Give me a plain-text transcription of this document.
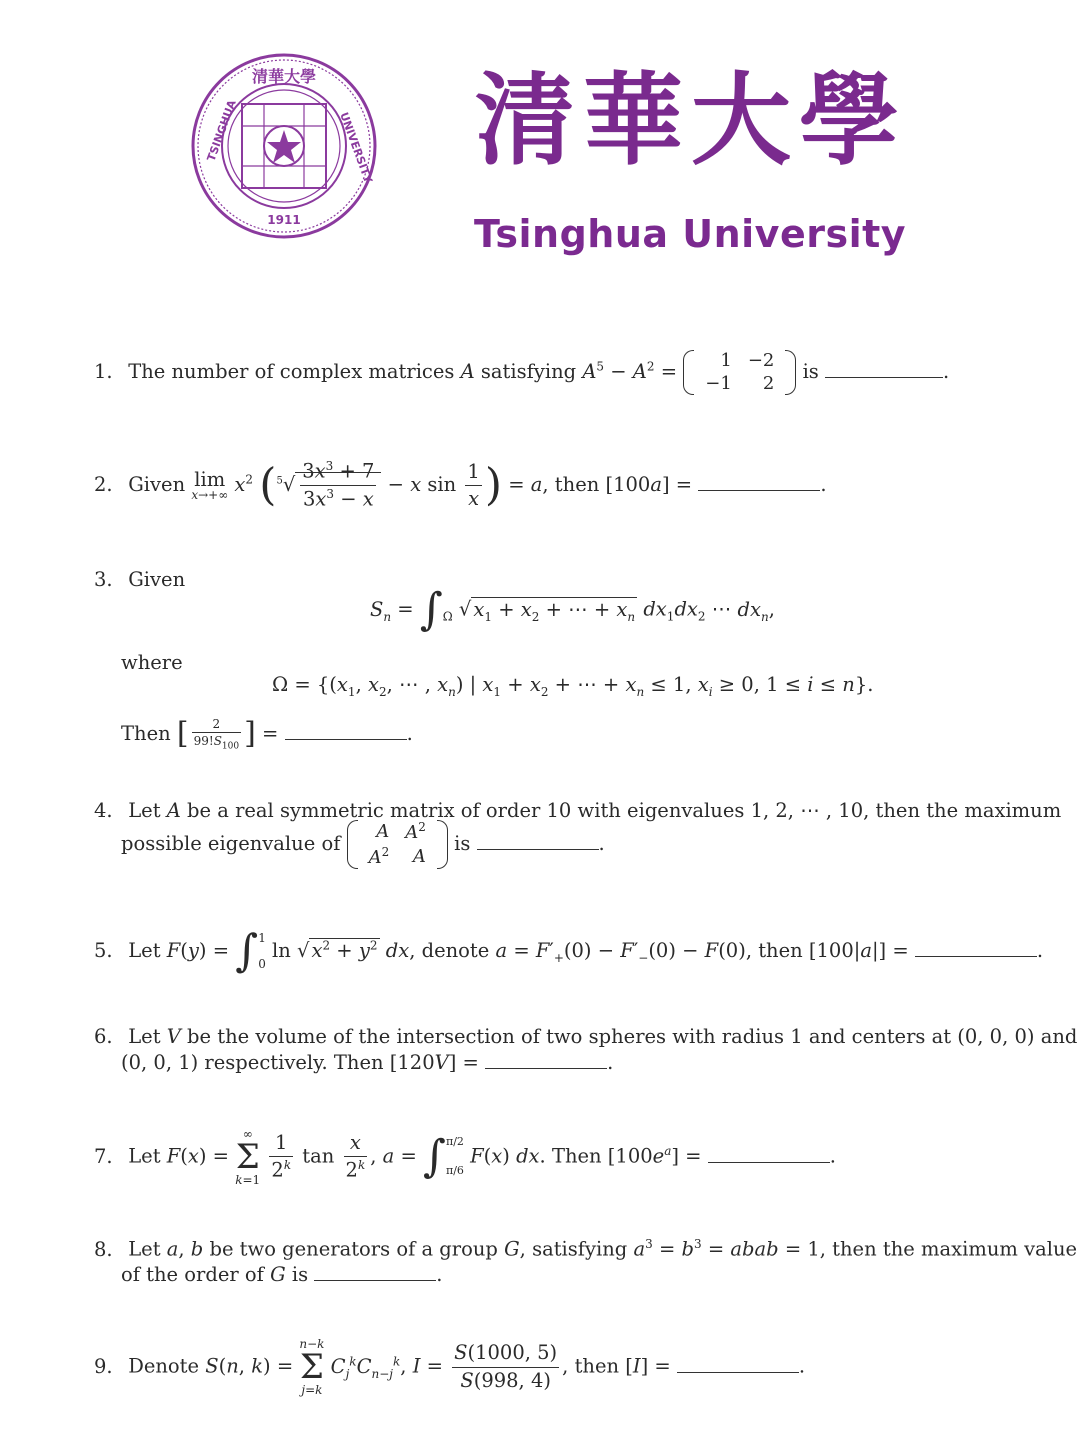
清華大學
TSINGHUA	UNIVERSITY
1911
清華大學
Tsinghua University
1. The number of complex matrices A satisfying $A^5 - A^2 = 1$	−2
−1	2 is	.
2. Given lim
x→+∞ $x^2$ ($^5√ \frac{3x^3 + 7}{3x^3 - x} - x$ $\sin \frac{1}{x}$ ) = a, then [100a] =	.
3. Given
$S_n = \int_\Omega$ √ $x_1 + x_2$ + ⋯ + $x_n$ $dx_1dx_2$ ⋯ $dx_n$,
where
$\Omega = \{(x_1$, $x_2$, ⋯ , $x_n$) | $x_1 + x_2$ + ⋯ + $x_n \le 1$, $x_i \ge 0$, 1 ≤ i ≤ n}.
Then [ $\frac{2}{99!S_{100}}$ ] =	.
4. Let A be a real symmetric matrix of order 10 with eigenvalues 1, 2, ⋯ , 10, then the maximum
possible eigenvalue of
A	$A^2$
$A^2$	A
is	.
5. Let F(y) = ∫ 1
0
ln √ $x^2 + y^2$ dx, denote $a = F'_+(0) - F'_-(0) - F(0)$, then [100|a|] =	.
6. Let V be the volume of the intersection of two spheres with radius 1 and centers at (0, 0, 0) and
(0, 0, 1) respectively. Then [120V] =	.
7. Let F(x) =
∞
Σ
k=1
$\frac{1}{2^k}$ $\tan \frac{x}{2^k}$ , a = ∫ π/2
π/6
F(x) dx. Then $[100e^a]$ =	.
8. Let a, b be two generators of a group G, satisfying $a^3 = b^3$ = abab = 1, then the maximum value
of the order of G is	.
9. Denote S(n, k) =
n−k
Σ
j=k
$C_j^kC_{n-j}^k$, $I = \frac{S(1000, 5)}{S(998, 4)}$ , then [I] =	.
